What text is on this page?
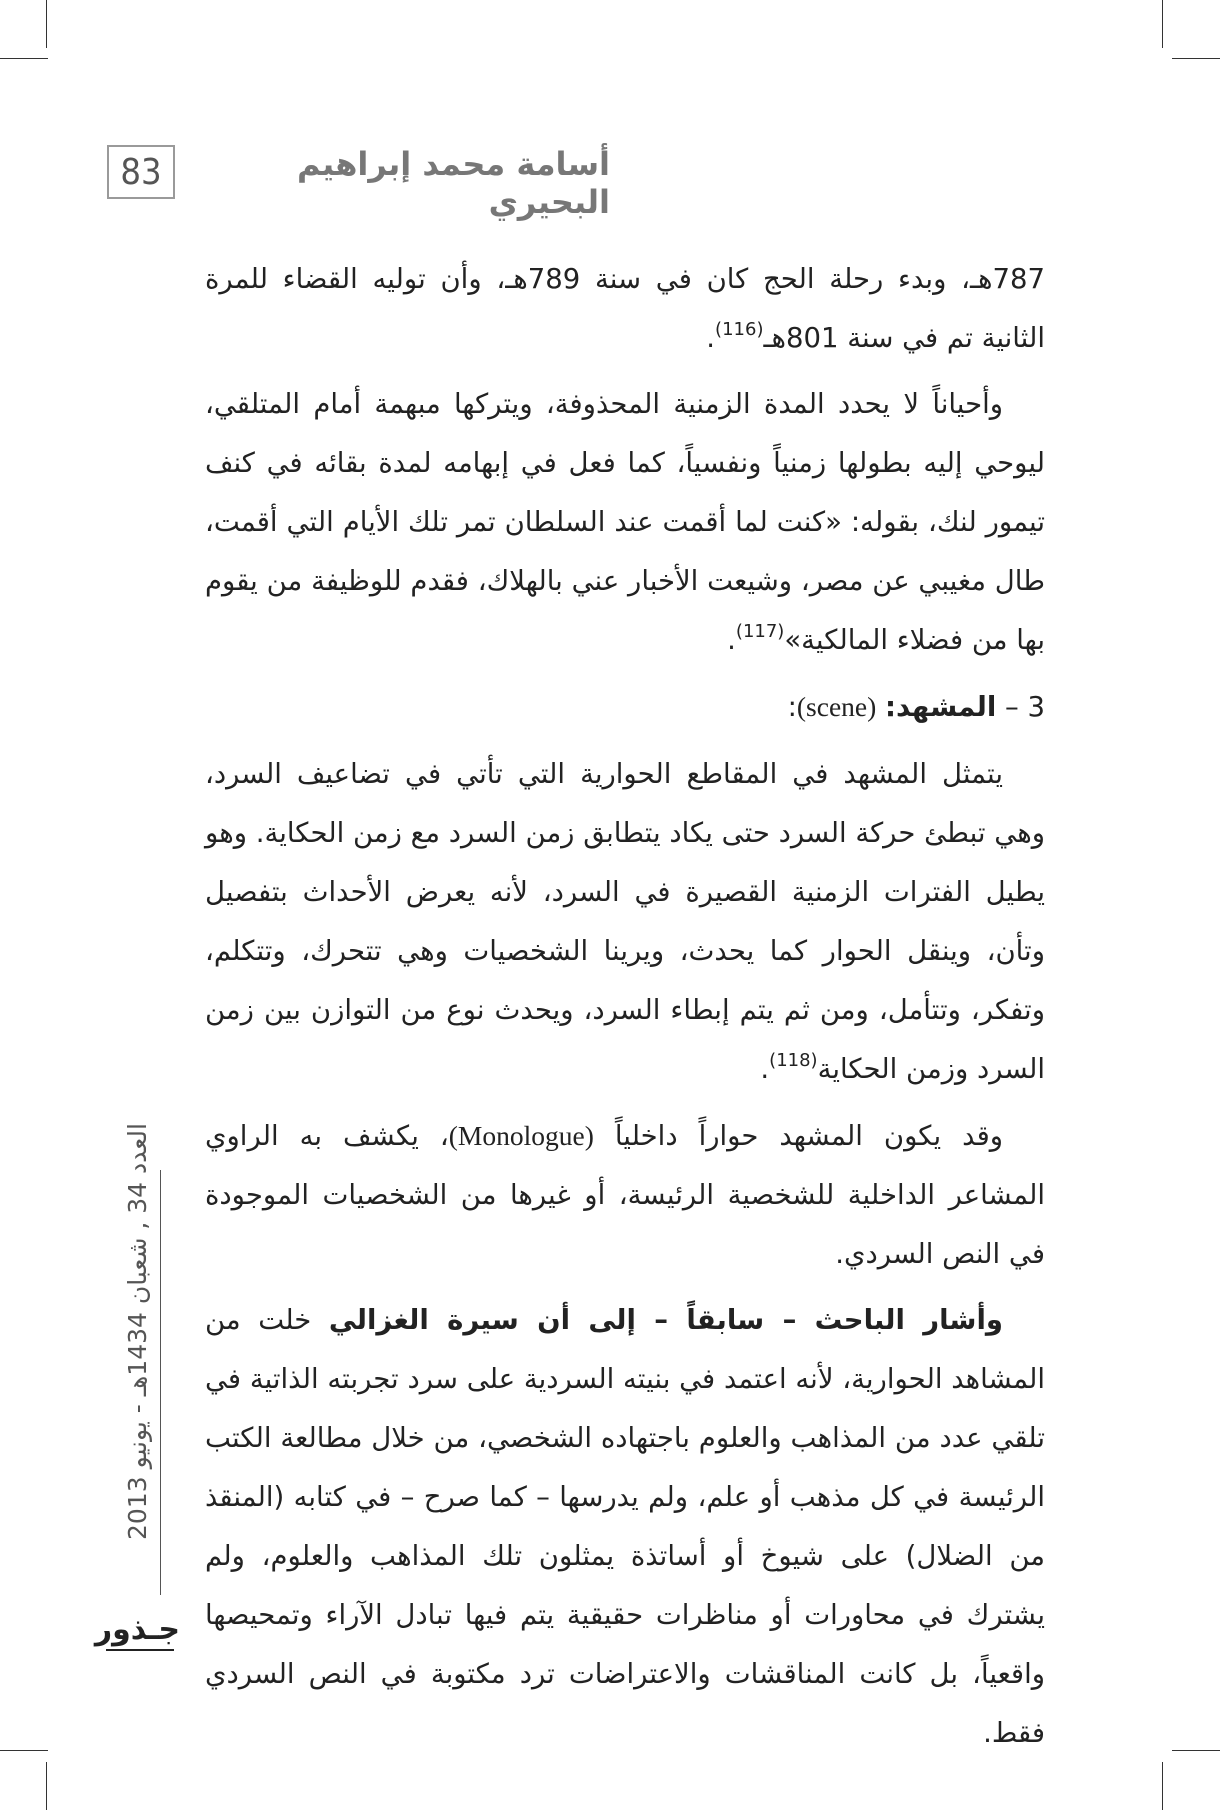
83	أسامة محمد إبراهيم البحيري

787هـ، وبدء رحلة الحج كان في سنة 789هـ، وأن توليه القضاء للمرة الثانية تم في سنة 801هـ$^{(116)}$.

وأحياناً لا يحدد المدة الزمنية المحذوفة، ويتركها مبهمة أمام المتلقي، ليوحي إليه بطولها زمنياً ونفسياً، كما فعل في إبهامه لمدة بقائه في كنف تيمور لنك، بقوله: «كنت لما أقمت عند السلطان تمر تلك الأيام التي أقمت، طال مغيبي عن مصر، وشيعت الأخبار عني بالهلاك، فقدم للوظيفة من يقوم بها من فضلاء المالكية»$^{(117)}$.

3 – المشهد: (scene):

يتمثل المشهد في المقاطع الحوارية التي تأتي في تضاعيف السرد، وهي تبطئ حركة السرد حتى يكاد يتطابق زمن السرد مع زمن الحكاية. وهو يطيل الفترات الزمنية القصيرة في السرد، لأنه يعرض الأحداث بتفصيل وتأن، وينقل الحوار كما يحدث، ويرينا الشخصيات وهي تتحرك، وتتكلم، وتفكر، وتتأمل، ومن ثم يتم إبطاء السرد، ويحدث نوع من التوازن بين زمن السرد وزمن الحكاية$^{(118)}$.

وقد يكون المشهد حواراً داخلياً (Monologue)، يكشف به الراوي المشاعر الداخلية للشخصية الرئيسة، أو غيرها من الشخصيات الموجودة في النص السردي.

وأشار الباحث – سابقاً – إلى أن سيرة الغزالي خلت من المشاهد الحوارية، لأنه اعتمد في بنيته السردية على سرد تجربته الذاتية في تلقي عدد من المذاهب والعلوم باجتهاده الشخصي، من خلال مطالعة الكتب الرئيسة في كل مذهب أو علم، ولم يدرسها – كما صرح – في كتابه (المنقذ من الضلال) على شيوخ أو أساتذة يمثلون تلك المذاهب والعلوم، ولم يشترك في محاورات أو مناظرات حقيقية يتم فيها تبادل الآراء وتمحيصها واقعياً، بل كانت المناقشات والاعتراضات ترد مكتوبة في النص السردي فقط.

العدد 34 , شعبان 1434هـ - يونيو 2013
جـذور
